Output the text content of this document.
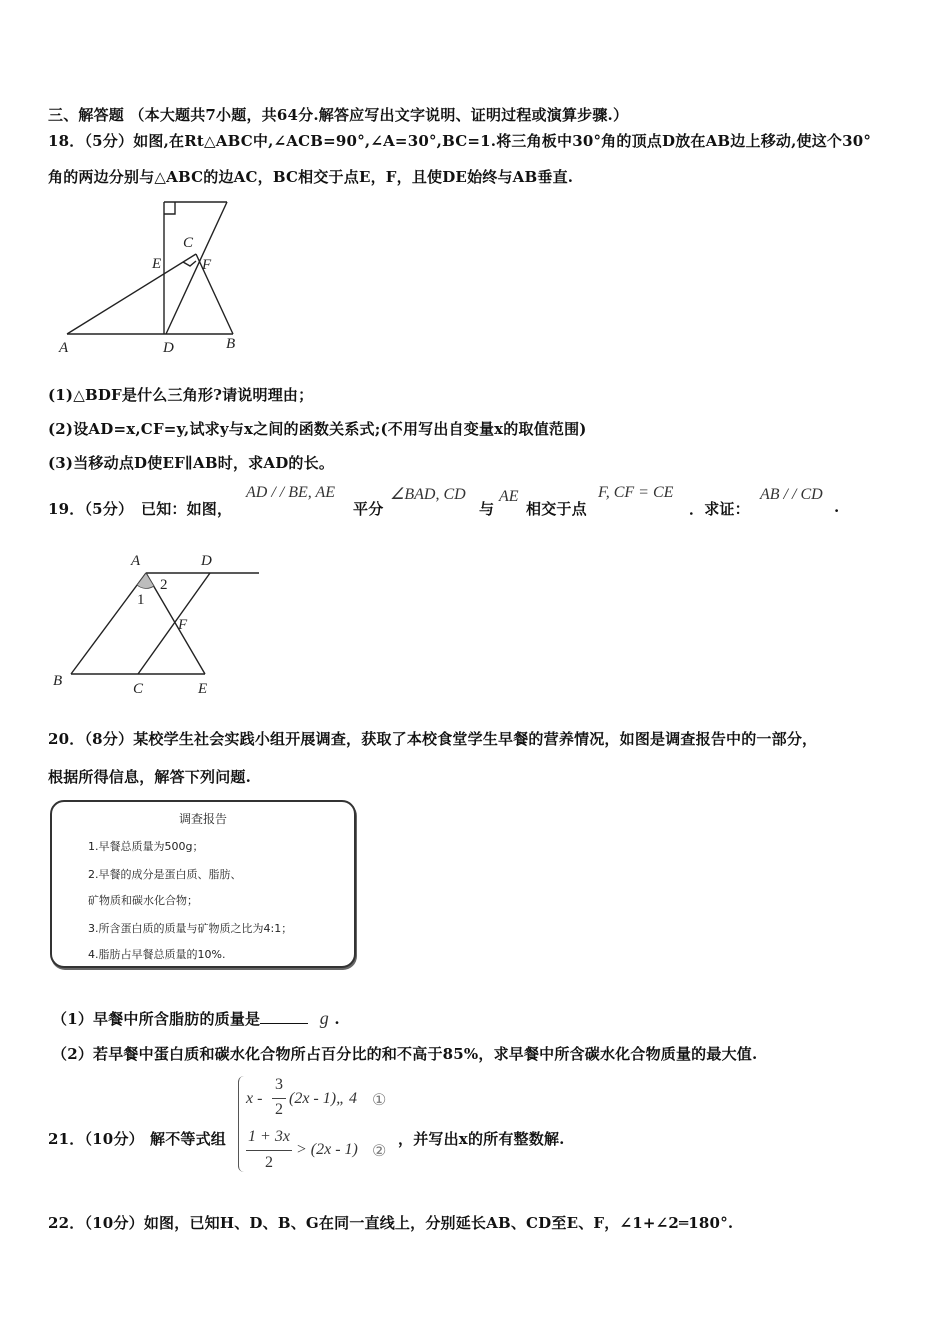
三、解答题 （本大题共7小题，共64分.解答应写出文字说明、证明过程或演算步骤.）
18．（5分）如图,在Rt△ABC中,∠ACB=90°,∠A=30°,BC=1.将三角板中30°角的顶点D放在AB边上移动,使这个30°
角的两边分别与△ABC的边AC，BC相交于点E，F，且使DE始终与AB垂直.
A	B
C
D
E	F
(1)△BDF是什么三角形?请说明理由；
(2)设AD=x,CF=y,试求y与x之间的函数关系式;(不用写出自变量x的取值范围)
(3)当移动点D使EF∥AB时，求AD的长。
19．（5分） 已知：如图，
AD / / BE, AE
平分
∠BAD, CD
与
AE
相交于点
F, CF = CE
．求证：
AB / / CD
.
A	D
B	C	E
F
1
2
20．（8分）某校学生社会实践小组开展调查，获取了本校食堂学生早餐的营养情况，如图是调查报告中的一部分，
根据所得信息，解答下列问题.
调查报告
1.早餐总质量为500g；
2.早餐的成分是蛋白质、脂肪、
矿物质和碳水化合物；
3.所含蛋白质的质量与矿物质之比为4:1；
4.脂肪占早餐总质量的10%.
（1）早餐中所含脂肪的质量是	g .
（2）若早餐中蛋白质和碳水化合物所占百分比的和不高于85%，求早餐中所含碳水化合物质量的最大值.
21．（10分） 解不等式组
x -
3
2
(2x - 1)„ 4 ①
1 + 3x
2
> (2x - 1) ②
，并写出x的所有整数解.
22．（10分）如图，已知H、D、B、G在同一直线上，分别延长AB、CD至E、F，∠1+∠2═180°.
